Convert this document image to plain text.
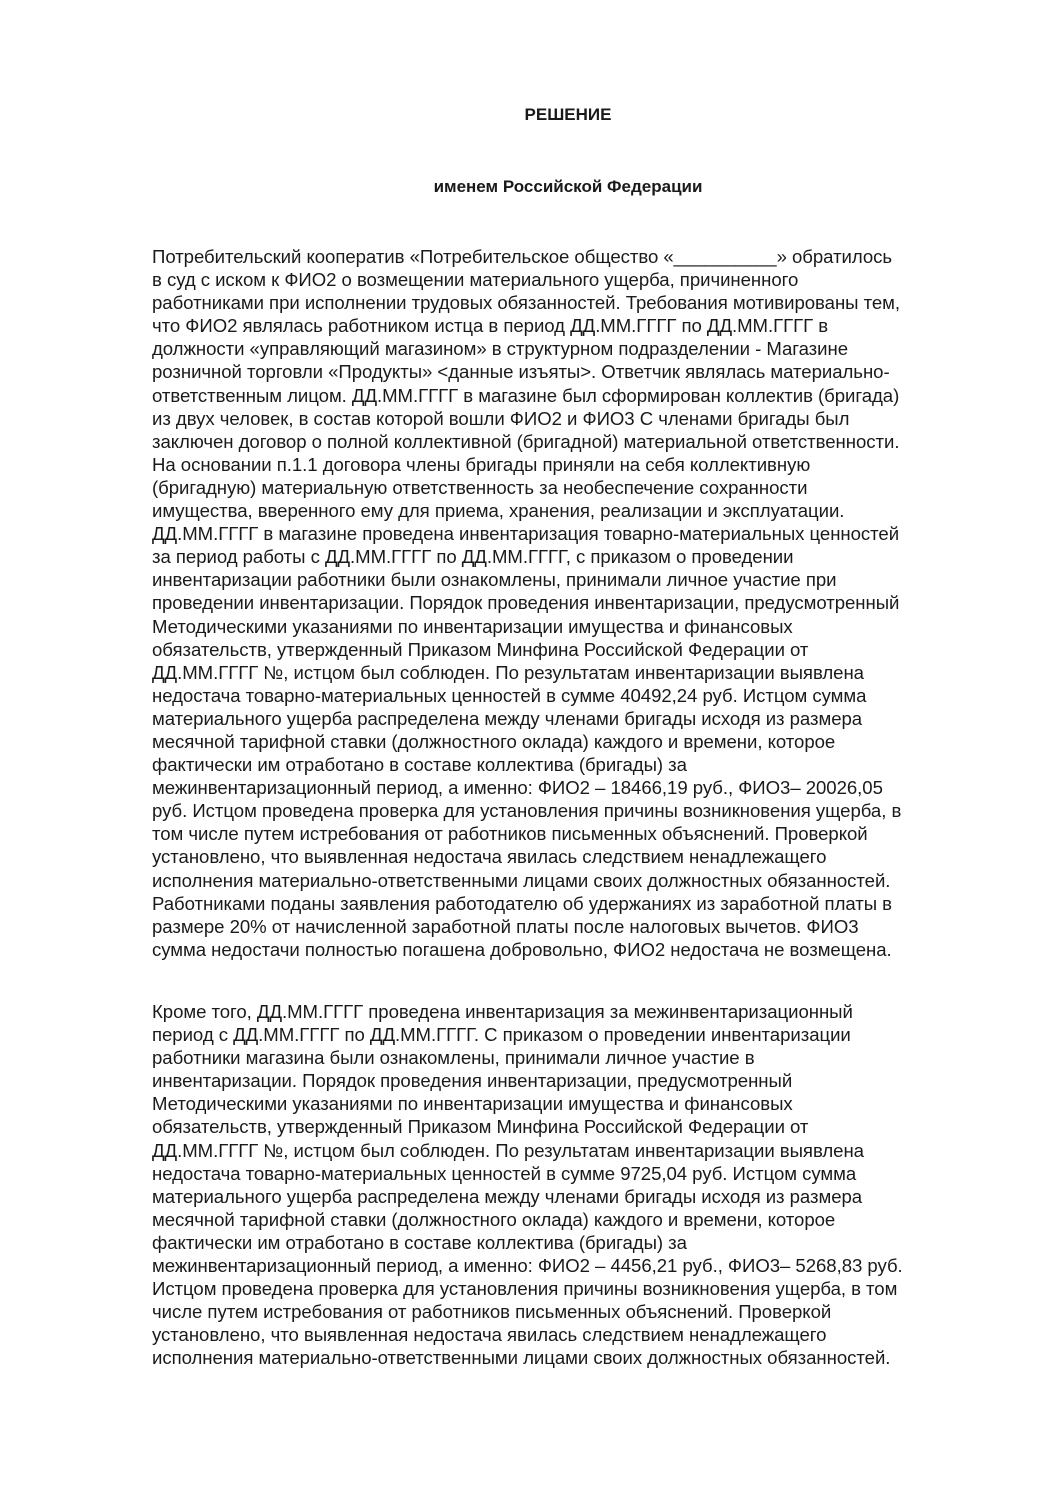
РЕШЕНИЕ
именем Российской Федерации

Потребительский кооператив «Потребительское общество «__________» обратилось
в суд с иском к ФИО2 о возмещении материального ущерба, причиненного
работниками при исполнении трудовых обязанностей. Требования мотивированы тем,
что ФИО2 являлась работником истца в период ДД.ММ.ГГГГ по ДД.ММ.ГГГГ в
должности «управляющий магазином» в структурном подразделении - Магазине
розничной торговли «Продукты» <данные изъяты>. Ответчик являлась материально-
ответственным лицом. ДД.ММ.ГГГГ в магазине был сформирован коллектив (бригада)
из двух человек, в состав которой вошли ФИО2 и ФИО3 С членами бригады был
заключен договор о полной коллективной (бригадной) материальной ответственности.
На основании п.1.1 договора члены бригады приняли на себя коллективную
(бригадную) материальную ответственность за необеспечение сохранности
имущества, вверенного ему для приема, хранения, реализации и эксплуатации.
ДД.ММ.ГГГГ в магазине проведена инвентаризация товарно-материальных ценностей
за период работы с ДД.ММ.ГГГГ по ДД.ММ.ГГГГ, с приказом о проведении
инвентаризации работники были ознакомлены, принимали личное участие при
проведении инвентаризации. Порядок проведения инвентаризации, предусмотренный
Методическими указаниями по инвентаризации имущества и финансовых
обязательств, утвержденный Приказом Минфина Российской Федерации от
ДД.ММ.ГГГГ №, истцом был соблюден. По результатам инвентаризации выявлена
недостача товарно-материальных ценностей в сумме 40492,24 руб. Истцом сумма
материального ущерба распределена между членами бригады исходя из размера
месячной тарифной ставки (должностного оклада) каждого и времени, которое
фактически им отработано в составе коллектива (бригады) за
межинвентаризационный период, а именно: ФИО2 – 18466,19 руб., ФИО3– 20026,05
руб. Истцом проведена проверка для установления причины возникновения ущерба, в
том числе путем истребования от работников письменных объяснений. Проверкой
установлено, что выявленная недостача явилась следствием ненадлежащего
исполнения материально-ответственными лицами своих должностных обязанностей.
Работниками поданы заявления работодателю об удержаниях из заработной платы в
размере 20% от начисленной заработной платы после налоговых вычетов. ФИО3
сумма недостачи полностью погашена добровольно, ФИО2 недостача не возмещена.

Кроме того, ДД.ММ.ГГГГ проведена инвентаризация за межинвентаризационный
период с ДД.ММ.ГГГГ по ДД.ММ.ГГГГ. С приказом о проведении инвентаризации
работники магазина были ознакомлены, принимали личное участие в
инвентаризации. Порядок проведения инвентаризации, предусмотренный
Методическими указаниями по инвентаризации имущества и финансовых
обязательств, утвержденный Приказом Минфина Российской Федерации от
ДД.ММ.ГГГГ №, истцом был соблюден. По результатам инвентаризации выявлена
недостача товарно-материальных ценностей в сумме 9725,04 руб. Истцом сумма
материального ущерба распределена между членами бригады исходя из размера
месячной тарифной ставки (должностного оклада) каждого и времени, которое
фактически им отработано в составе коллектива (бригады) за
межинвентаризационный период, а именно: ФИО2 – 4456,21 руб., ФИО3– 5268,83 руб.
Истцом проведена проверка для установления причины возникновения ущерба, в том
числе путем истребования от работников письменных объяснений. Проверкой
установлено, что выявленная недостача явилась следствием ненадлежащего
исполнения материально-ответственными лицами своих должностных обязанностей.
